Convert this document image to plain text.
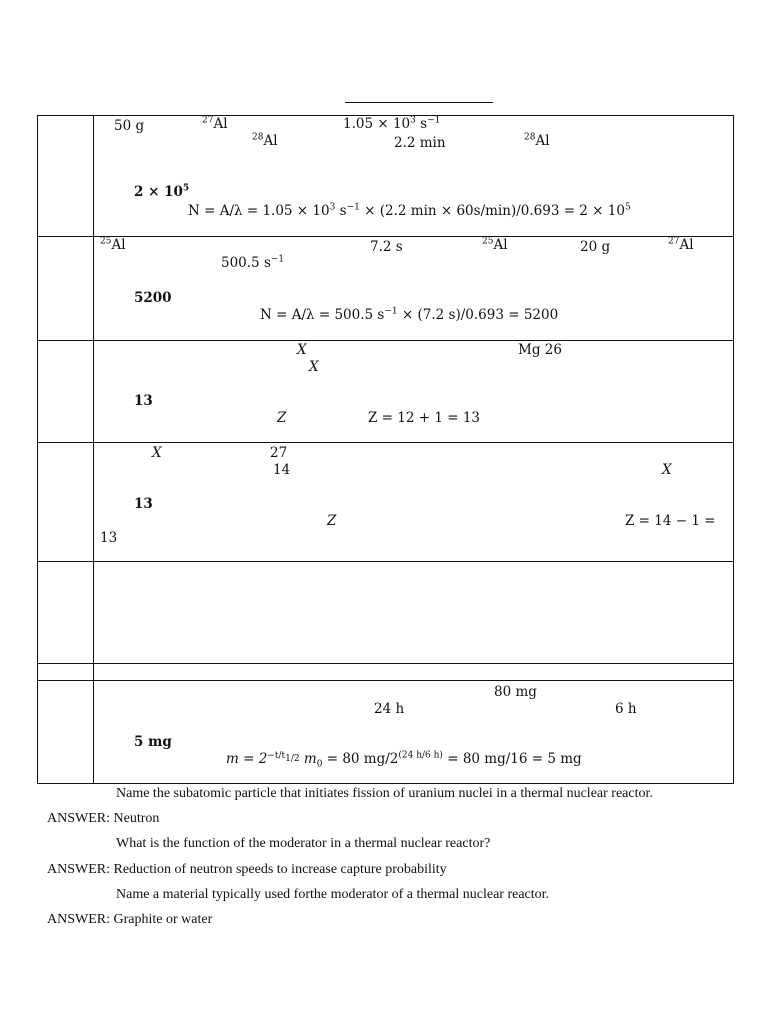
50 g	$^{27}$Al	$1.05 \times 10^3$ $s^{-1}$
$^{28}$Al	2.2 min	$^{28}$Al
$2 \times 10^5$
$N = A/\lambda = 1.05 \times 10^3$ $s^{-1} \times (2.2$ $\min \times 60s/\min)/0.693 = 2 \times 10^5$
$^{25}$Al	7.2 s	$^{25}$Al	20 g	$^{27}$Al
500.5 $s^{-1}$
5200
N = A/λ = 500.5 $s^{-1} \times (7.2$ s)/0.693 = 5200
X	Mg 26
X
13
Z	Z = 12 + 1 = 13
X	27
14	X
13
Z	Z = 14 − 1 =
13
80 mg
24 h	6 h
5 mg
$m = 2^{-t/t_{1/2}}$ $m_0 = 80$ $mg/2^{(24 h/6 h)} = 80$ mg/16 = 5 mg
Name the subatomic particle that initiates fission of uranium nuclei in a thermal nuclear reactor.
ANSWER: Neutron
What is the function of the moderator in a thermal nuclear reactor?
ANSWER: Reduction of neutron speeds to increase capture probability
Name a material typically used forthe moderator of a thermal nuclear reactor.
ANSWER: Graphite or water
